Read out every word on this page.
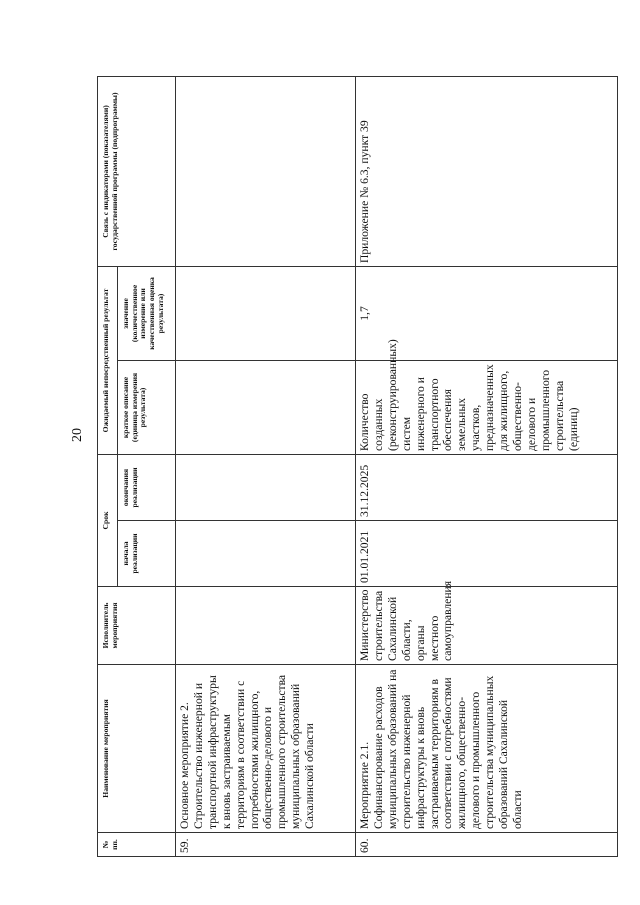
20
№ пп.	Наименование мероприятия	Исполнитель мероприятия	Срок		Ожидаемый непосредственный результат		Связь с индикаторами (показателями) государственной программы (подпрограммы)
			начала реализации	окончания реализации	краткое описание (единица измерения результата)	значение (количественное измерение или качественная оценка результата)	
59.	Основное мероприятие 2. Строительство инженерной и транспортной инфраструктуры к вновь застраиваемым территориям в соответствии с потребностями жилищного, общественно-делового и промышленного строительства муниципальных образований Сахалинской области						
60.	Мероприятие 2.1. Софинансирование расходов муниципальных образований на строительство инженерной инфраструктуры к вновь застраиваемым территориям в соответствии с потребностями жилищного, общественно-делового и промышленного строительства муниципальных образований Сахалинской области	Министерство строительства Сахалинской области, органы местного самоуправления	01.01.2021	31.12.2025	Количество созданных (реконструированных) систем инженерного и транспортного обеспечения земельных участков, предназначенных для жилищного, общественно-делового и промышленного строительства (единиц)	1,7	Приложение № 6.3, пункт 39
